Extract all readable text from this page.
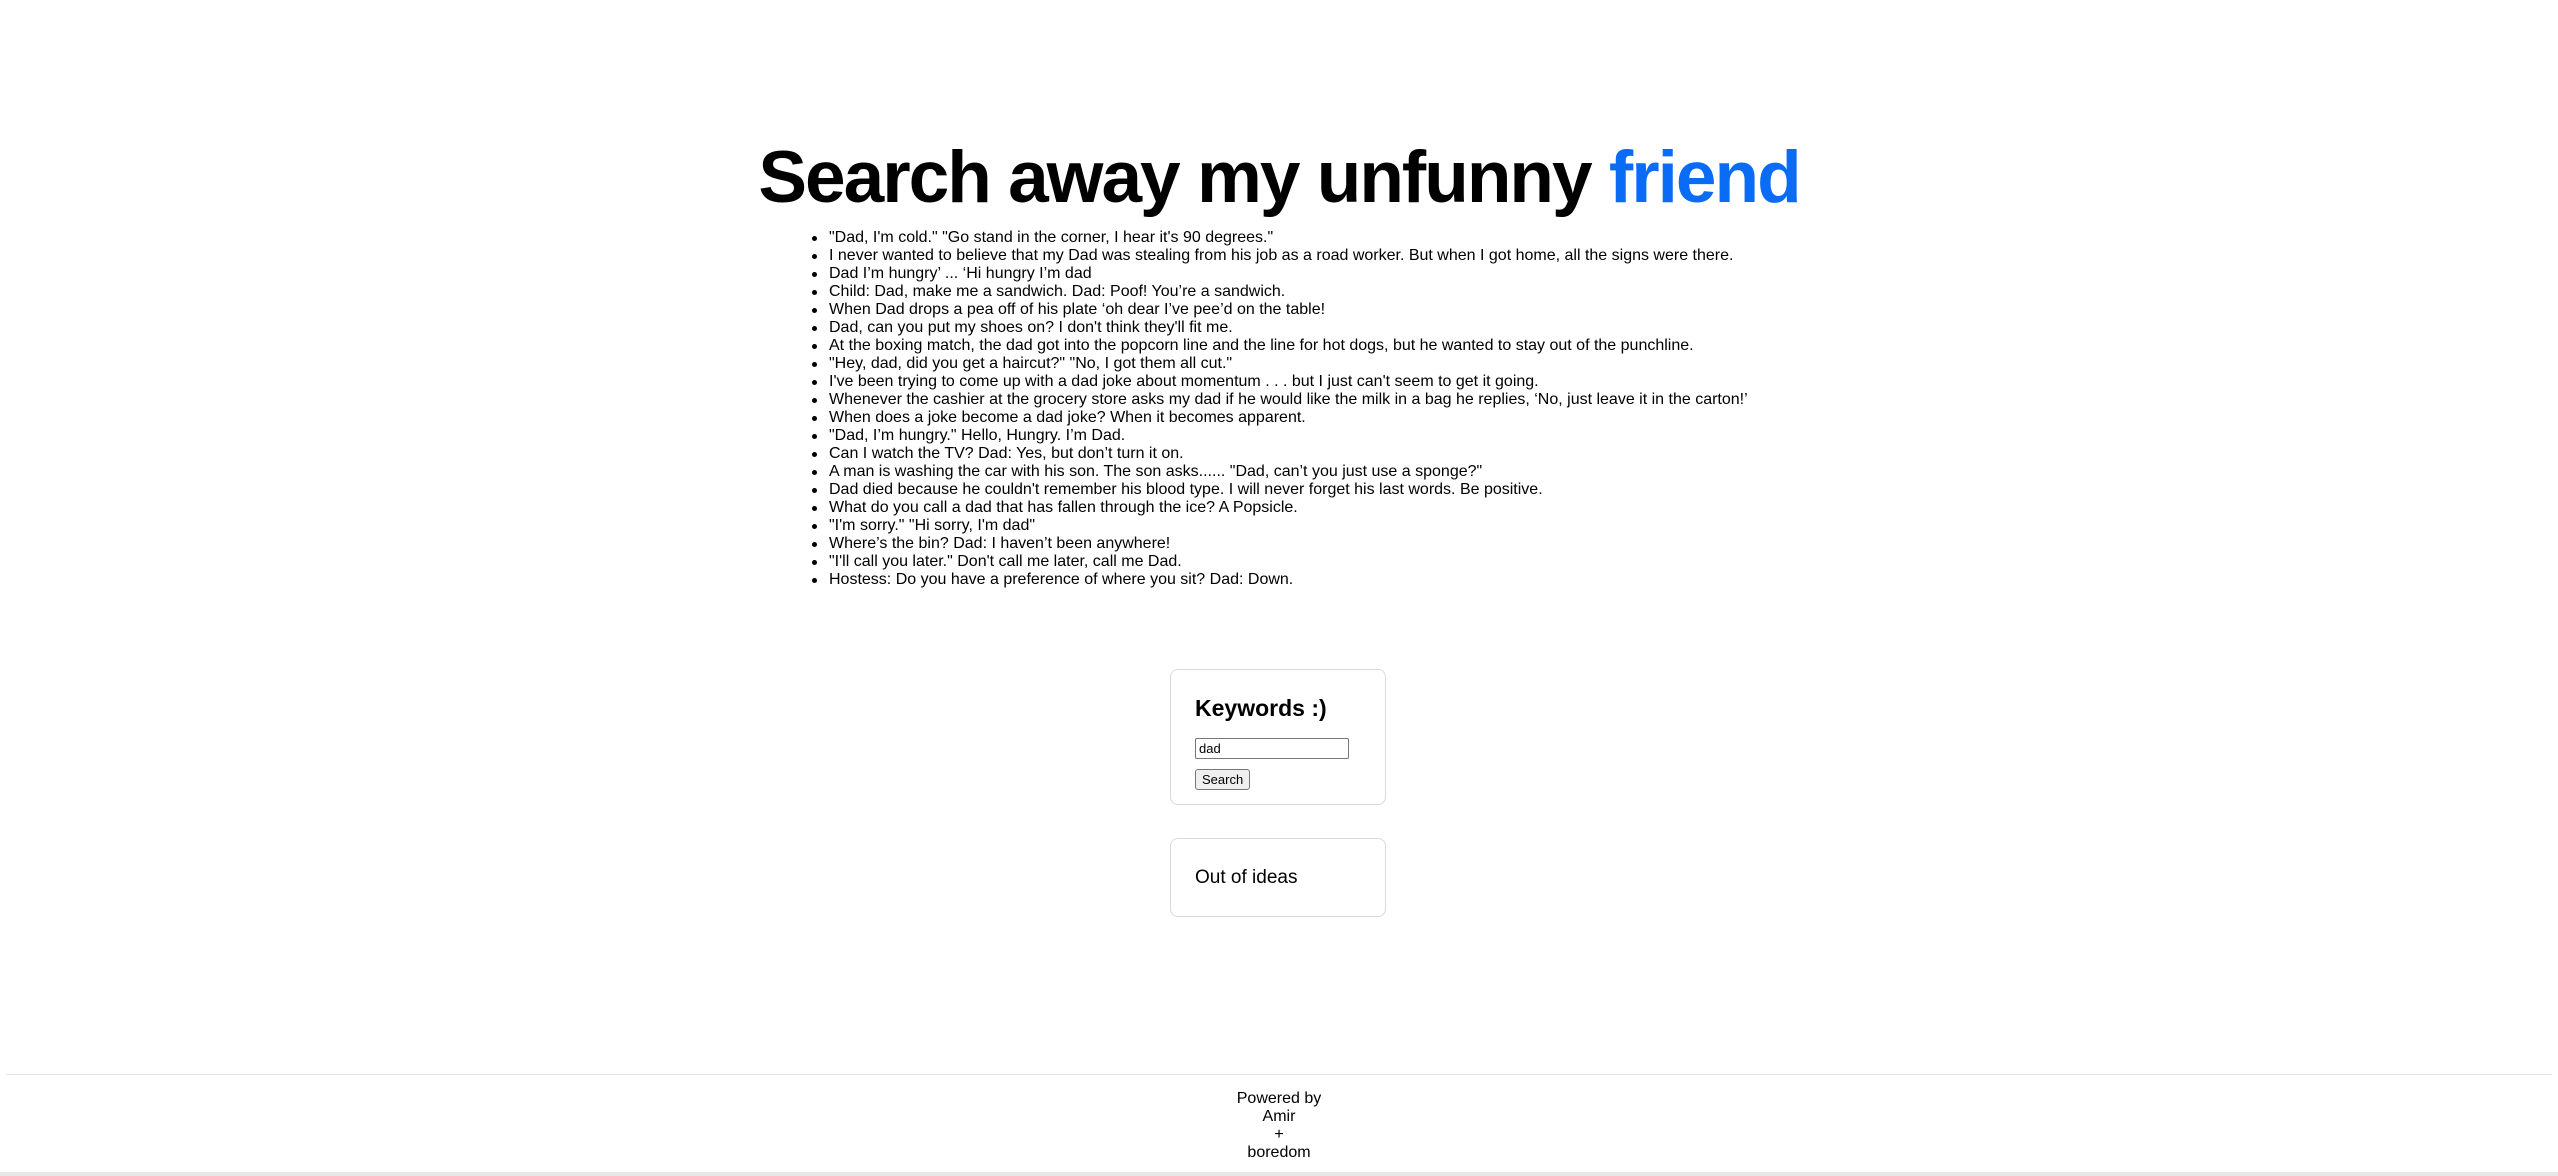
Search away my unfunny friend
"Dad, I'm cold." "Go stand in the corner, I hear it's 90 degrees."
I never wanted to believe that my Dad was stealing from his job as a road worker. But when I got home, all the signs were there.
Dad I’m hungry’ ... ‘Hi hungry I’m dad
Child: Dad, make me a sandwich. Dad: Poof! You’re a sandwich.
When Dad drops a pea off of his plate ‘oh dear I’ve pee’d on the table!
Dad, can you put my shoes on? I don't think they'll fit me.
At the boxing match, the dad got into the popcorn line and the line for hot dogs, but he wanted to stay out of the punchline.
"Hey, dad, did you get a haircut?" "No, I got them all cut."
I've been trying to come up with a dad joke about momentum . . . but I just can't seem to get it going.
Whenever the cashier at the grocery store asks my dad if he would like the milk in a bag he replies, ‘No, just leave it in the carton!’
When does a joke become a dad joke? When it becomes apparent.
"Dad, I’m hungry." Hello, Hungry. I’m Dad.
Can I watch the TV? Dad: Yes, but don’t turn it on.
A man is washing the car with his son. The son asks...... "Dad, can’t you just use a sponge?"
Dad died because he couldn't remember his blood type. I will never forget his last words. Be positive.
What do you call a dad that has fallen through the ice? A Popsicle.
"I'm sorry." "Hi sorry, I'm dad"
Where’s the bin? Dad: I haven’t been anywhere!
"I'll call you later." Don't call me later, call me Dad.
Hostess: Do you have a preference of where you sit? Dad: Down.
Keywords :)
dad
Search
Out of ideas
Powered by
Amir
+
boredom
